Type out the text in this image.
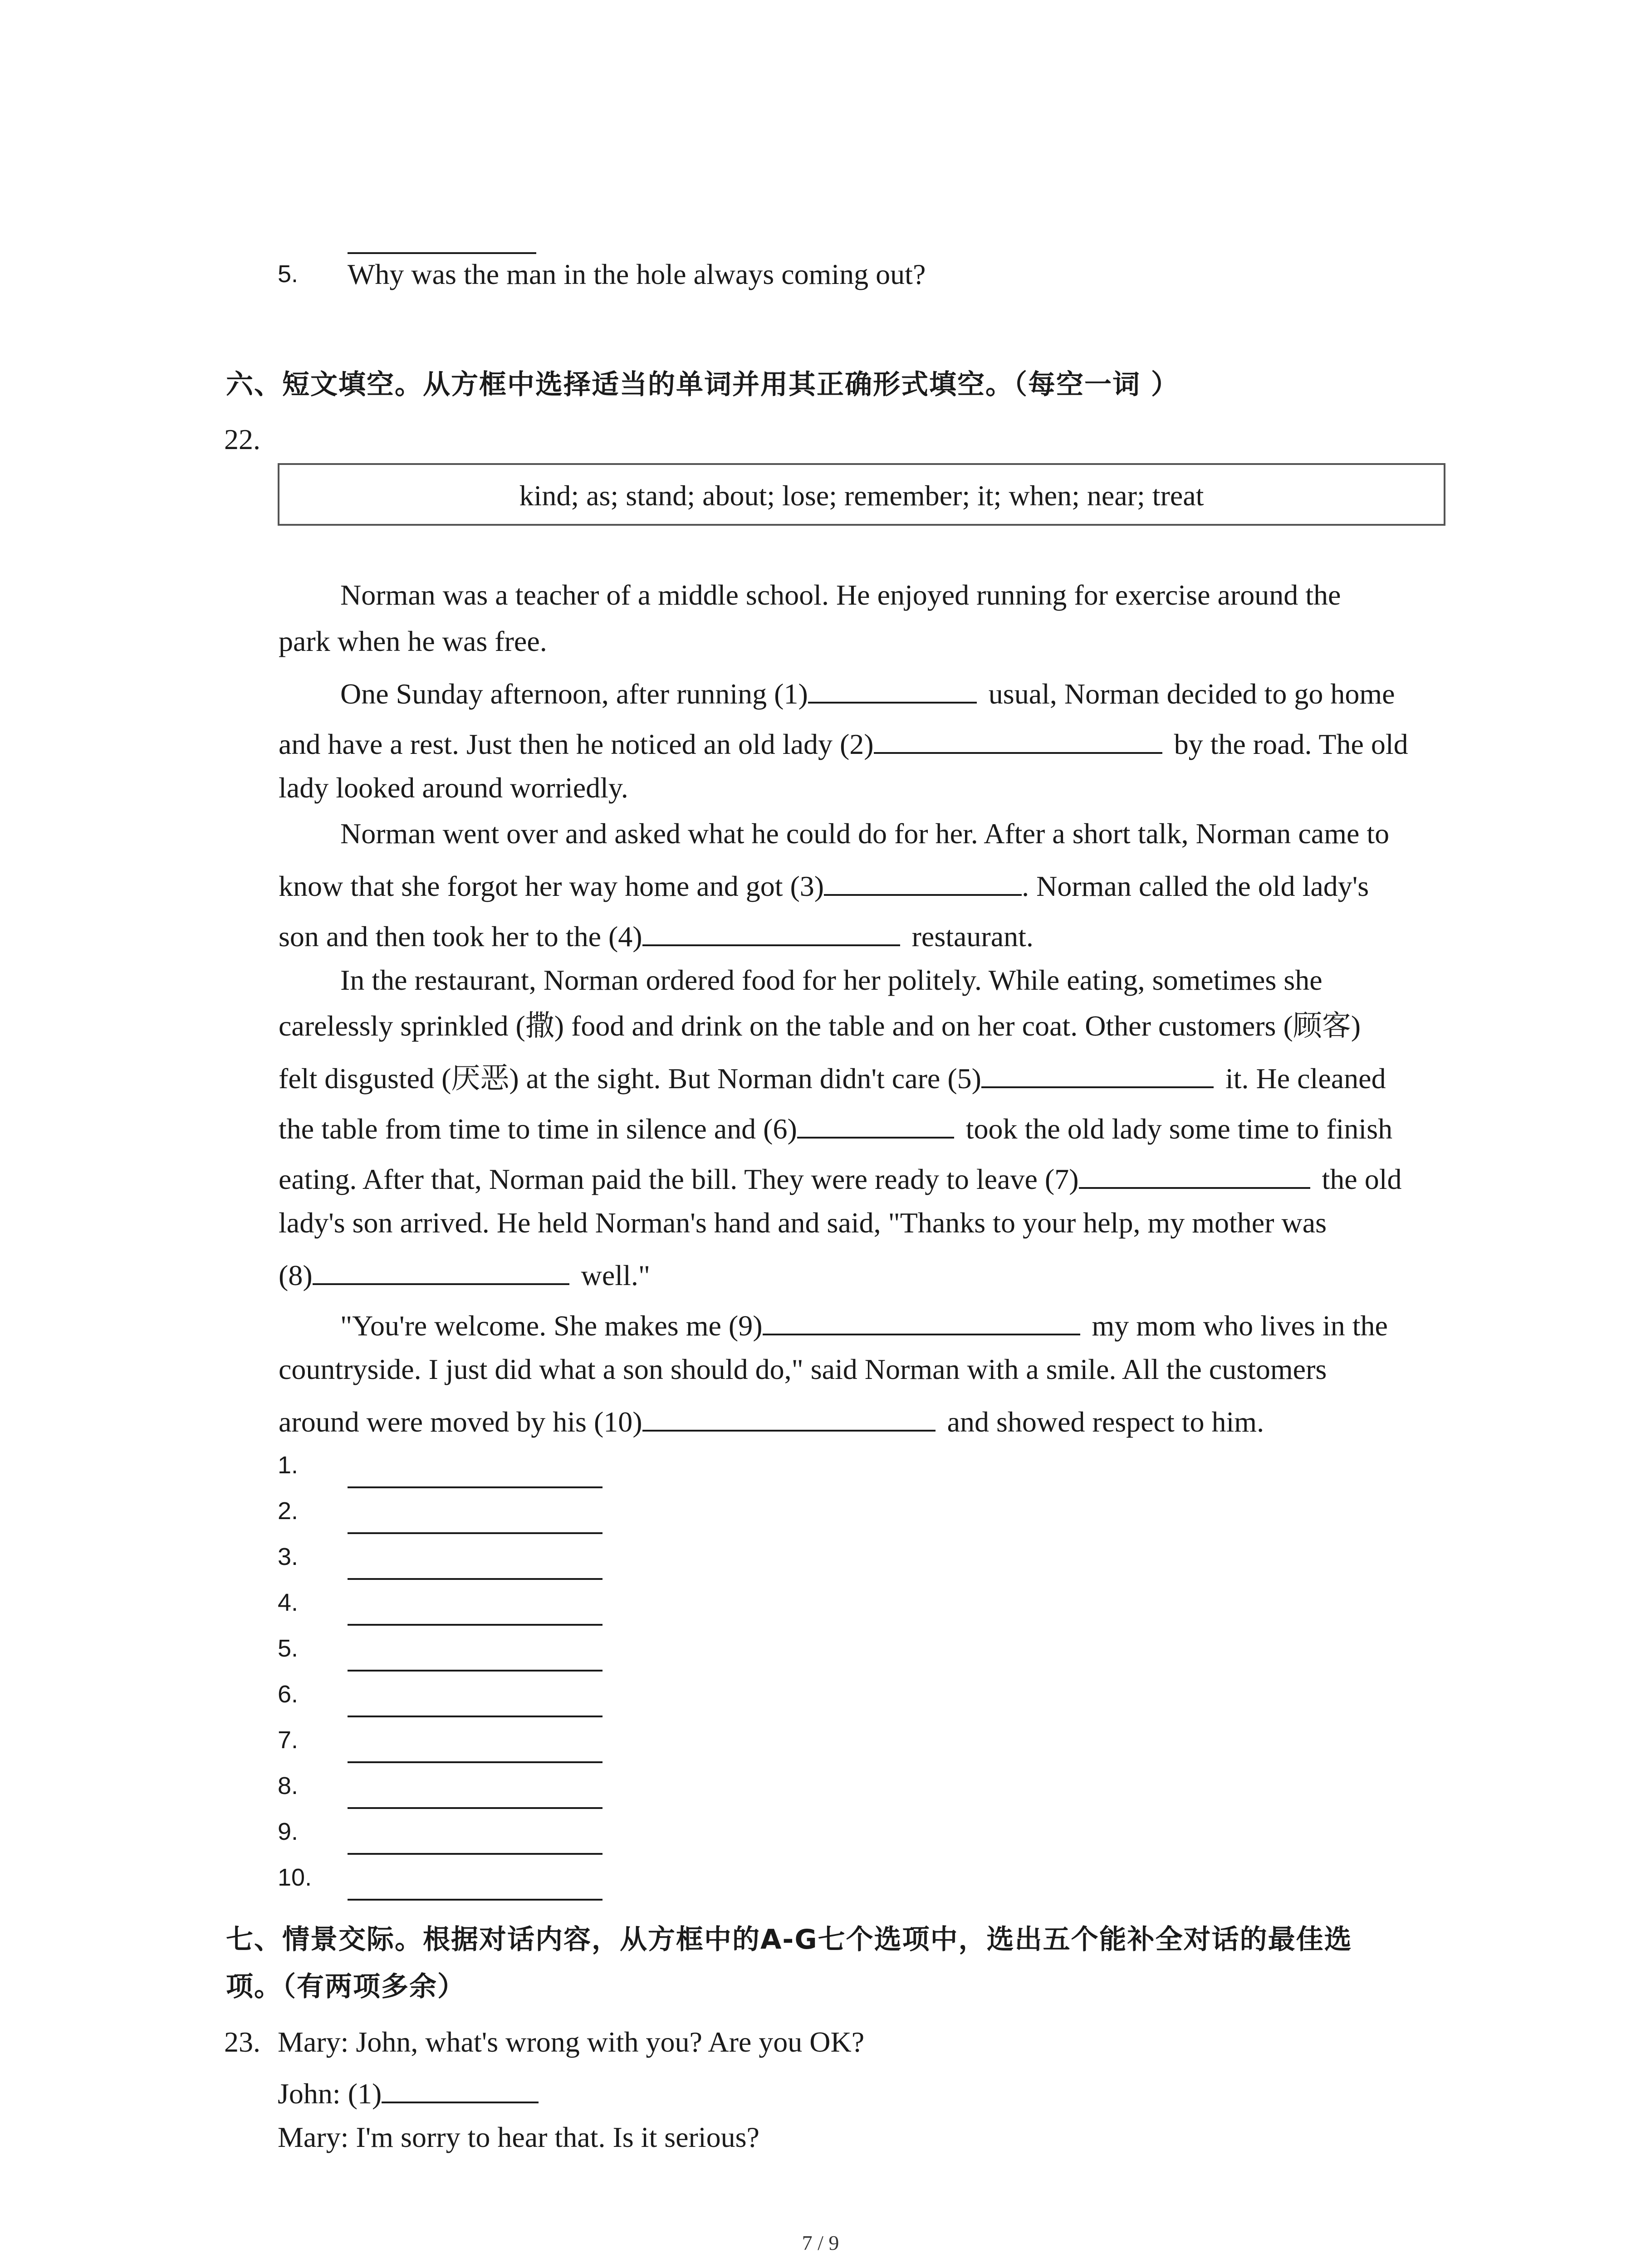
5. Why was the man in the hole always coming out?
六、短文填空。从方框中选择适当的单词并用其正确形式填空。（每空一词 ）
22.
kind; as; stand; about; lose; remember; it; when; near; treat
Norman was a teacher of a middle school. He enjoyed running for exercise around the
park when he was free.
One Sunday afternoon, after running (1)	usual, Norman decided to go home
and have a rest. Just then he noticed an old lady (2)	by the road. The old
lady looked around worriedly.
Norman went over and asked what he could do for her. After a short talk, Norman came to
know that she forgot her way home and got (3)	. Norman called the old lady's
son and then took her to the (4)	restaurant.
In the restaurant, Norman ordered food for her politely. While eating, sometimes she
carelessly sprinkled (撒) food and drink on the table and on her coat. Other customers (顾客)
felt disgusted (厌恶) at the sight. But Norman didn't care (5)	it. He cleaned
the table from time to time in silence and (6)	took the old lady some time to finish
eating. After that, Norman paid the bill. They were ready to leave (7)	the old
lady's son arrived. He held Norman's hand and said, "Thanks to your help, my mother was
(8)	well."
"You're welcome. She makes me (9)	my mom who lives in the
countryside. I just did what a son should do," said Norman with a smile. All the customers
around were moved by his (10)	and showed respect to him.
1.
2.
3.
4.
5.
6.
7.
8.
9.
10.
七、情景交际。根据对话内容，从方框中的A-G七个选项中，选出五个能补全对话的最佳选
项。（有两项多余）
23. Mary: John, what's wrong with you? Are you OK?
John: (1)
Mary: I'm sorry to hear that. Is it serious?
7 / 9
